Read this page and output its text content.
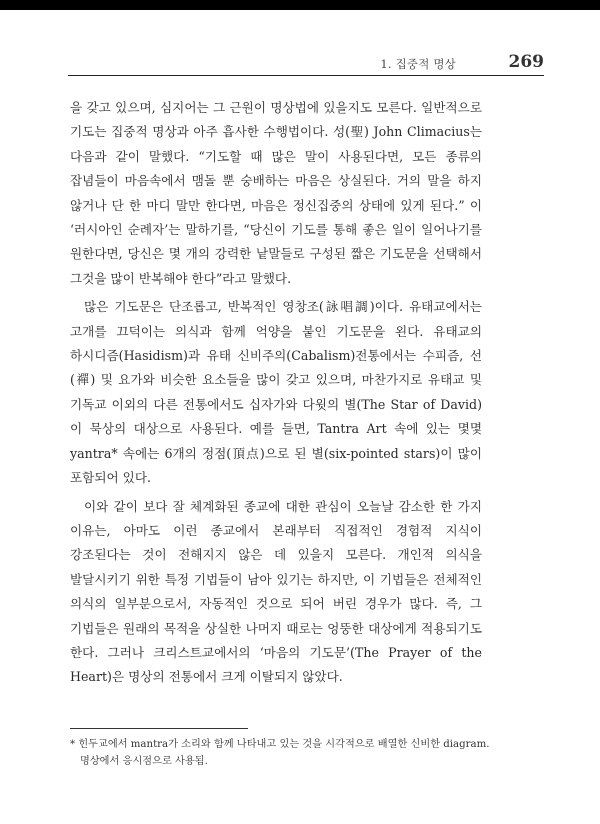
1. 집중적 명상	269

을 갖고 있으며, 심지어는 그 근원이 명상법에 있을지도 모른다. 일반적으로 기도는 집중적 명상과 아주 흡사한 수행법이다. 성(聖) John Climacius는 다음과 같이 말했다. “기도할 때 많은 말이 사용된다면, 모든 종류의 잡념들이 마음속에서 맴돌 뿐 숭배하는 마음은 상실된다. 거의 말을 하지 않거나 단 한 마디 말만 한다면, 마음은 정신집중의 상태에 있게 된다.” 이 ‘러시아인 순례자’는 말하기를, “당신이 기도를 통해 좋은 일이 일어나기를 원한다면, 당신은 몇 개의 강력한 낱말들로 구성된 짧은 기도문을 선택해서 그것을 많이 반복해야 한다”라고 말했다.

많은 기도문은 단조롭고, 반복적인 영창조(詠唱調)이다. 유태교에서는 고개를 끄덕이는 의식과 함께 억양을 붙인 기도문을 왼다. 유태교의 하시디즘(Hasidism)과 유태 신비주의(Cabalism)전통에서는 수피즘, 선(禪) 및 요가와 비슷한 요소들을 많이 갖고 있으며, 마찬가지로 유태교 및 기독교 이외의 다른 전통에서도 십자가와 다윗의 별(The Star of David)이 묵상의 대상으로 사용된다. 예를 들면, Tantra Art 속에 있는 몇몇 yantra* 속에는 6개의 정점(頂点)으로 된 별(six-pointed stars)이 많이 포함되어 있다.

이와 같이 보다 잘 체계화된 종교에 대한 관심이 오늘날 감소한 한 가지 이유는, 아마도 이런 종교에서 본래부터 직접적인 경험적 지식이 강조된다는 것이 전해지지 않은 데 있을지 모른다. 개인적 의식을 발달시키기 위한 특정 기법들이 남아 있기는 하지만, 이 기법들은 전체적인 의식의 일부분으로서, 자동적인 것으로 되어 버린 경우가 많다. 즉, 그 기법들은 원래의 목적을 상실한 나머지 때로는 엉뚱한 대상에게 적용되기도 한다. 그러나 크리스트교에서의 ‘마음의 기도문’(The Prayer of the Heart)은 명상의 전통에서 크게 이탈되지 않았다.

* 힌두교에서 mantra가 소리와 함께 나타내고 있는 것을 시각적으로 배열한 신비한 diagram. 명상에서 응시점으로 사용됨.
